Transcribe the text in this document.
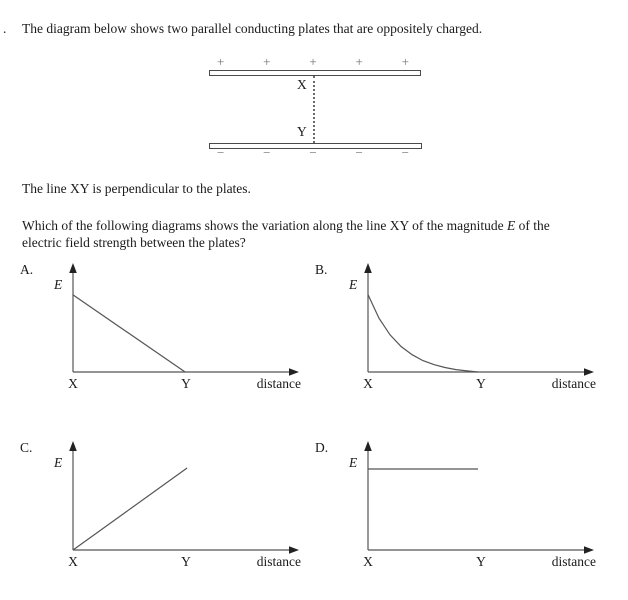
. The diagram below shows two parallel conducting plates that are oppositely charged.
+	+	+	+	+
X
Y
−	−	−	−	−
The line XY is perpendicular to the plates.
Which of the following diagrams shows the variation along the line XY of the magnitude E of the
electric field strength between the plates?
A.
E
X	Y	distance
B.
E
X	Y	distance
C.
E
X	Y	distance
D.
E
X	Y	distance
